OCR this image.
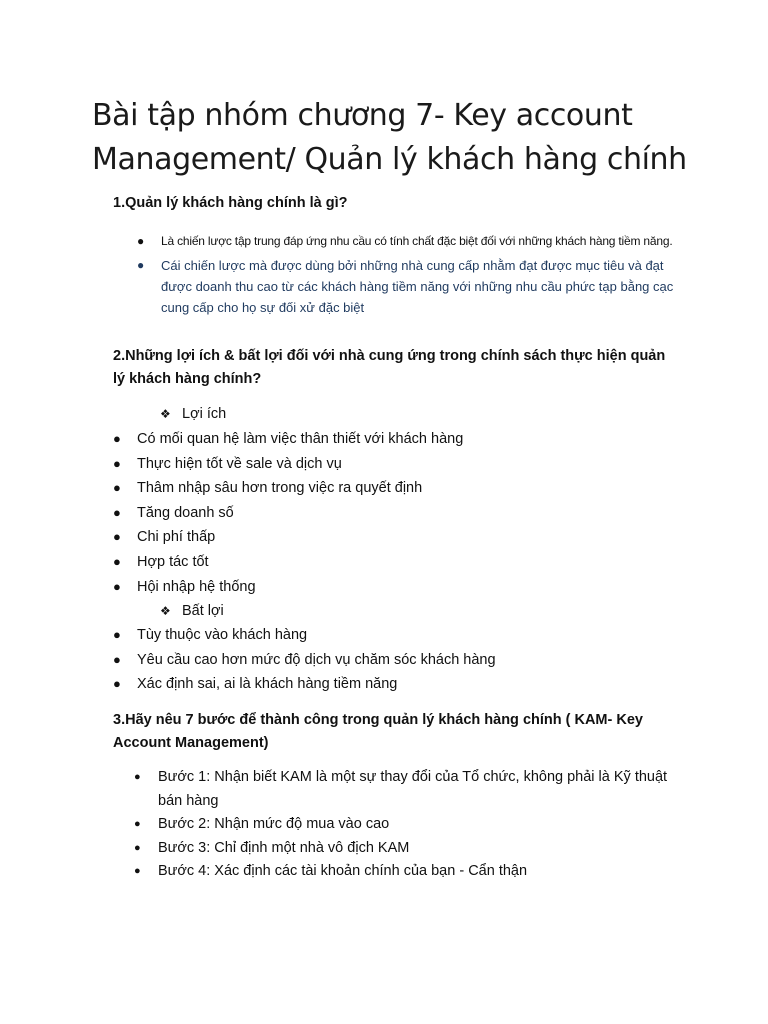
Bài tập nhóm chương 7- Key account Management/ Quản lý khách hàng chính
1.Quản lý khách hàng chính là gì?
● Là chiến lược tập trung đáp ứng nhu cầu có tính chất đặc biệt đối với những khách hàng tiềm năng.
● Cái chiến lược mà được dùng bởi những nhà cung cấp nhằm đạt được mục tiêu và đạt được doanh thu cao từ các khách hàng tiềm năng với những nhu cầu phức tạp bằng cạc cung cấp cho họ sự đối xử đặc biệt
2.Những lợi ích & bất lợi đối với nhà cung ứng trong chính sách thực hiện quản lý khách hàng chính?
❖ Lợi ích
● Có mối quan hệ làm việc thân thiết với khách hàng
● Thực hiện tốt về sale và dịch vụ
● Thâm nhập sâu hơn trong việc ra quyết định
● Tăng doanh số
● Chi phí thấp
● Hợp tác tốt
● Hội nhập hệ thống
❖ Bất lợi
● Tùy thuộc vào khách hàng
● Yêu cầu cao hơn mức độ dịch vụ chăm sóc khách hàng
● Xác định sai, ai là khách hàng tiềm năng
3.Hãy nêu 7 bước để thành công trong quản lý khách hàng chính ( KAM- Key Account Management)
● Bước 1: Nhận biết KAM là một sự thay đổi của Tổ chức, không phải là Kỹ thuật bán hàng
● Bước 2: Nhận mức độ mua vào cao
● Bước 3: Chỉ định một nhà vô địch KAM
● Bước 4: Xác định các tài khoản chính của bạn - Cẩn thận
